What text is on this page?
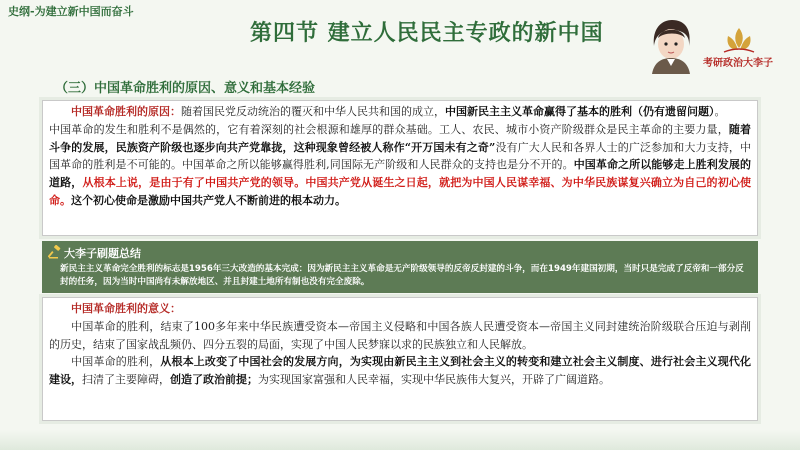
史纲-为建立新中国而奋斗
第四节 建立人民民主专政的新中国
考研政治大李子
（三）中国革命胜利的原因、意义和基本经验

中国革命胜利的原因：随着国民党反动统治的覆灭和中华人民共和国的成立，中国新民主主义革命赢得了基本的胜利（仍有遗留问题）。

中国革命的发生和胜利不是偶然的，它有着深刻的社会根源和雄厚的群众基础。工人、农民、城市小资产阶级群众是民主革命的主要力量，随着斗争的发展，民族资产阶级也逐步向共产党靠拢，这种现象曾经被人称作“开万国未有之奇”没有广大人民和各界人士的广泛参加和大力支持，中国革命的胜利是不可能的。中国革命之所以能够赢得胜利,同国际无产阶级和人民群众的支持也是分不开的。中国革命之所以能够走上胜利发展的道路，从根本上说，是由于有了中国共产党的领导。中国共产党从诞生之日起，就把为中国人民谋幸福、为中华民族谋复兴确立为自己的初心使命。这个初心使命是激励中国共产党人不断前进的根本动力。

大李子刷题总结
新民主主义革命完全胜利的标志是1956年三大改造的基本完成：因为新民主主义革命是无产阶级领导的反帝反封建的斗争，而在1949年建国初期，当时只是完成了反帝和一部分反封的任务，因为当时中国尚有未解放地区、并且封建土地所有制也没有完全废除。

中国革命胜利的意义：

中国革命的胜利，结束了100多年来中华民族遭受资本—帝国主义侵略和中国各族人民遭受资本—帝国主义同封建统治阶级联合压迫与剥削的历史，结束了国家战乱频仍、四分五裂的局面，实现了中国人民梦寐以求的民族独立和人民解放。

中国革命的胜利，从根本上改变了中国社会的发展方向，为实现由新民主主义到社会主义的转变和建立社会主义制度、进行社会主义现代化建设，扫清了主要障碍，创造了政治前提；为实现国家富强和人民幸福，实现中华民族伟大复兴，开辟了广阔道路。
